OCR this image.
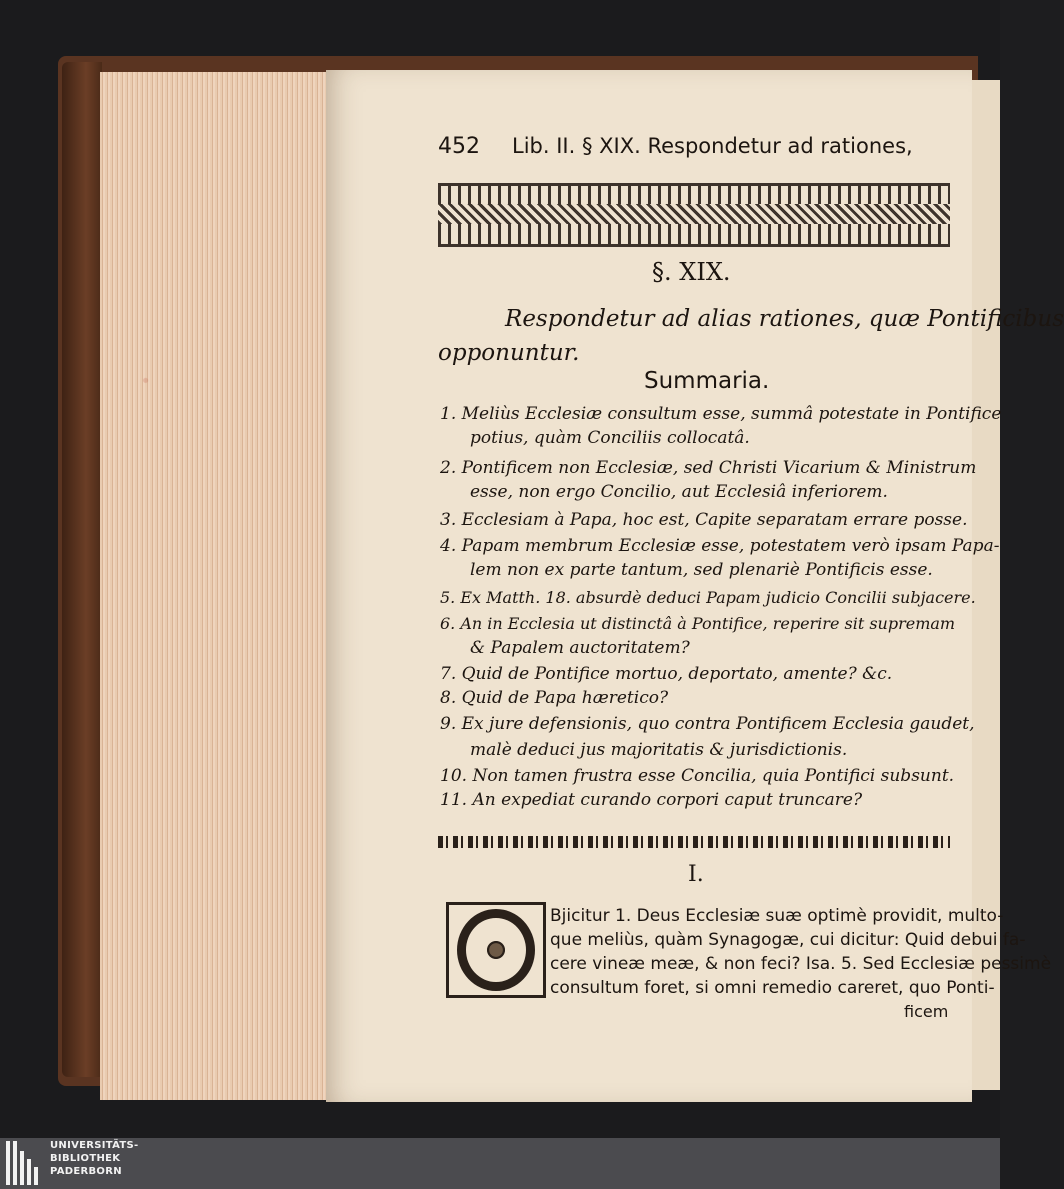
452 Lib. II. § XIX. Respondetur ad rationes,
§. XIX.
Respondetur ad alias rationes, quæ Pontificibus
opponuntur.
Summaria.
1. Meliùs Ecclesiæ consultum esse, summâ potestate in Pontifice
potius, quàm Conciliis collocatâ.
2. Pontificem non Ecclesiæ, sed Christi Vicarium & Ministrum
esse, non ergo Concilio, aut Ecclesiâ inferiorem.
3. Ecclesiam à Papa, hoc est, Capite separatam errare posse.
4. Papam membrum Ecclesiæ esse, potestatem verò ipsam Papa-
lem non ex parte tantum, sed plenariè Pontificis esse.
5. Ex Matth. 18. absurdè deduci Papam judicio Concilii subjacere.
6. An in Ecclesia ut distinctâ à Pontifice, reperire sit supremam
& Papalem auctoritatem?
7. Quid de Pontifice mortuo, deportato, amente? &c.
8. Quid de Papa hæretico?
9. Ex jure defensionis, quo contra Pontificem Ecclesia gaudet,
malè deduci jus majoritatis & jurisdictionis.
10. Non tamen frustra esse Concilia, quia Pontifici subsunt.
11. An expediat curando corpori caput truncare?
I.
Bjicitur 1. Deus Ecclesiæ suæ optimè providit, multo-
que meliùs, quàm Synagogæ, cui dicitur: Quid debui fa-
cere vineæ meæ, & non feci? Isa. 5. Sed Ecclesiæ pessimè
consultum foret, si omni remedio careret, quo Ponti-
ficem
UNIVERSITÄTS-
BIBLIOTHEK
PADERBORN
